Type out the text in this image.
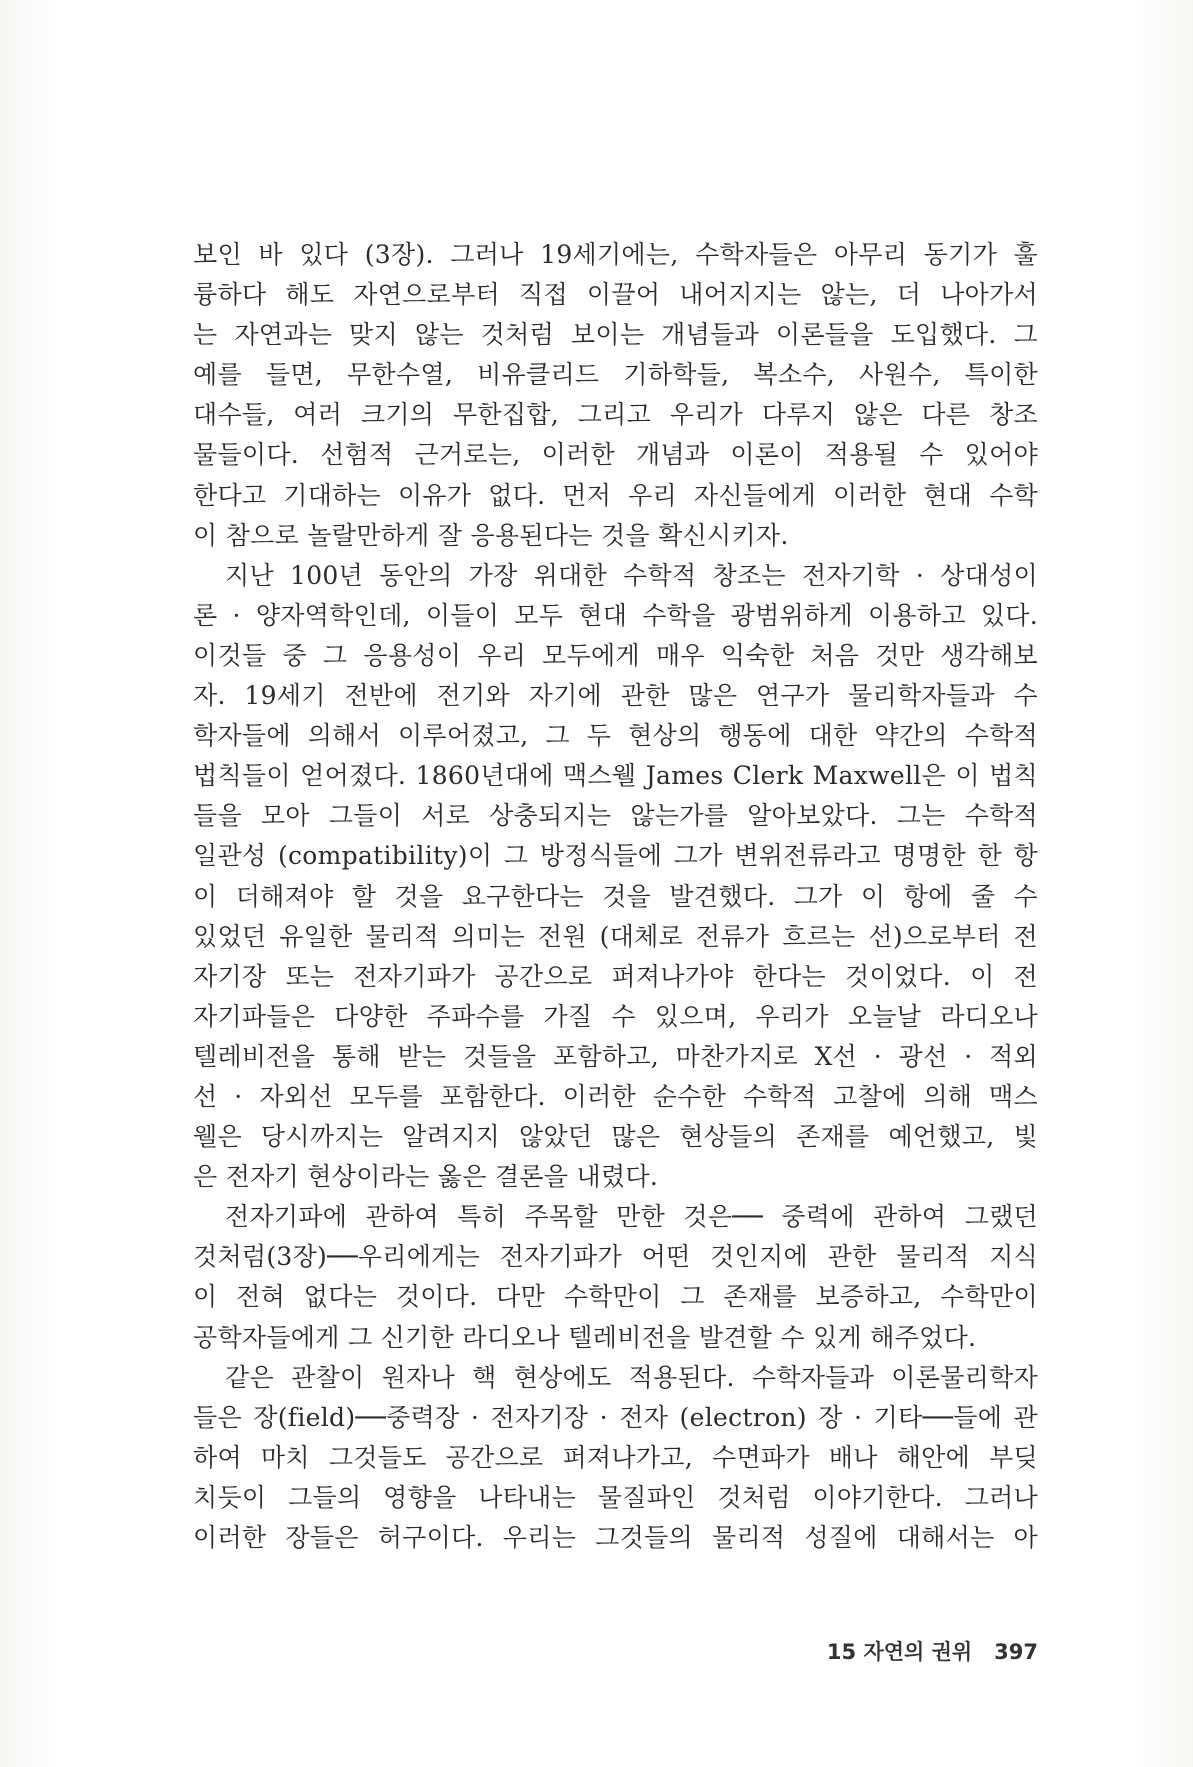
보인 바 있다 (3장). 그러나 19세기에는, 수학자들은 아무리 동기가 훌
륭하다 해도 자연으로부터 직접 이끌어 내어지지는 않는, 더 나아가서
는 자연과는 맞지 않는 것처럼 보이는 개념들과 이론들을 도입했다. 그
예를 들면, 무한수열, 비유클리드 기하학들, 복소수, 사원수, 특이한
대수들, 여러 크기의 무한집합, 그리고 우리가 다루지 않은 다른 창조
물들이다. 선험적 근거로는, 이러한 개념과 이론이 적용될 수 있어야
한다고 기대하는 이유가 없다. 먼저 우리 자신들에게 이러한 현대 수학
이 참으로 놀랄만하게 잘 응용된다는 것을 확신시키자.
지난 100년 동안의 가장 위대한 수학적 창조는 전자기학 · 상대성이
론 · 양자역학인데, 이들이 모두 현대 수학을 광범위하게 이용하고 있다.
이것들 중 그 응용성이 우리 모두에게 매우 익숙한 처음 것만 생각해보
자. 19세기 전반에 전기와 자기에 관한 많은 연구가 물리학자들과 수
학자들에 의해서 이루어졌고, 그 두 현상의 행동에 대한 약간의 수학적
법칙들이 얻어졌다. 1860년대에 맥스웰 James Clerk Maxwell은 이 법칙
들을 모아 그들이 서로 상충되지는 않는가를 알아보았다. 그는 수학적
일관성 (compatibility)이 그 방정식들에 그가 변위전류라고 명명한 한 항
이 더해져야 할 것을 요구한다는 것을 발견했다. 그가 이 항에 줄 수
있었던 유일한 물리적 의미는 전원 (대체로 전류가 흐르는 선)으로부터 전
자기장 또는 전자기파가 공간으로 퍼져나가야 한다는 것이었다. 이 전
자기파들은 다양한 주파수를 가질 수 있으며, 우리가 오늘날 라디오나
텔레비전을 통해 받는 것들을 포함하고, 마찬가지로 X선 · 광선 · 적외
선 · 자외선 모두를 포함한다. 이러한 순수한 수학적 고찰에 의해 맥스
웰은 당시까지는 알려지지 않았던 많은 현상들의 존재를 예언했고, 빛
은 전자기 현상이라는 옳은 결론을 내렸다.
전자기파에 관하여 특히 주목할 만한 것은── 중력에 관하여 그랬던
것처럼(3장)──우리에게는 전자기파가 어떤 것인지에 관한 물리적 지식
이 전혀 없다는 것이다. 다만 수학만이 그 존재를 보증하고, 수학만이
공학자들에게 그 신기한 라디오나 텔레비전을 발견할 수 있게 해주었다.
같은 관찰이 원자나 핵 현상에도 적용된다. 수학자들과 이론물리학자
들은 장(field)──중력장 · 전자기장 · 전자 (electron) 장 · 기타──들에 관
하여 마치 그것들도 공간으로 퍼져나가고, 수면파가 배나 해안에 부딪
치듯이 그들의 영향을 나타내는 물질파인 것처럼 이야기한다. 그러나
이러한 장들은 허구이다. 우리는 그것들의 물리적 성질에 대해서는 아
15 자연의 권위 397
